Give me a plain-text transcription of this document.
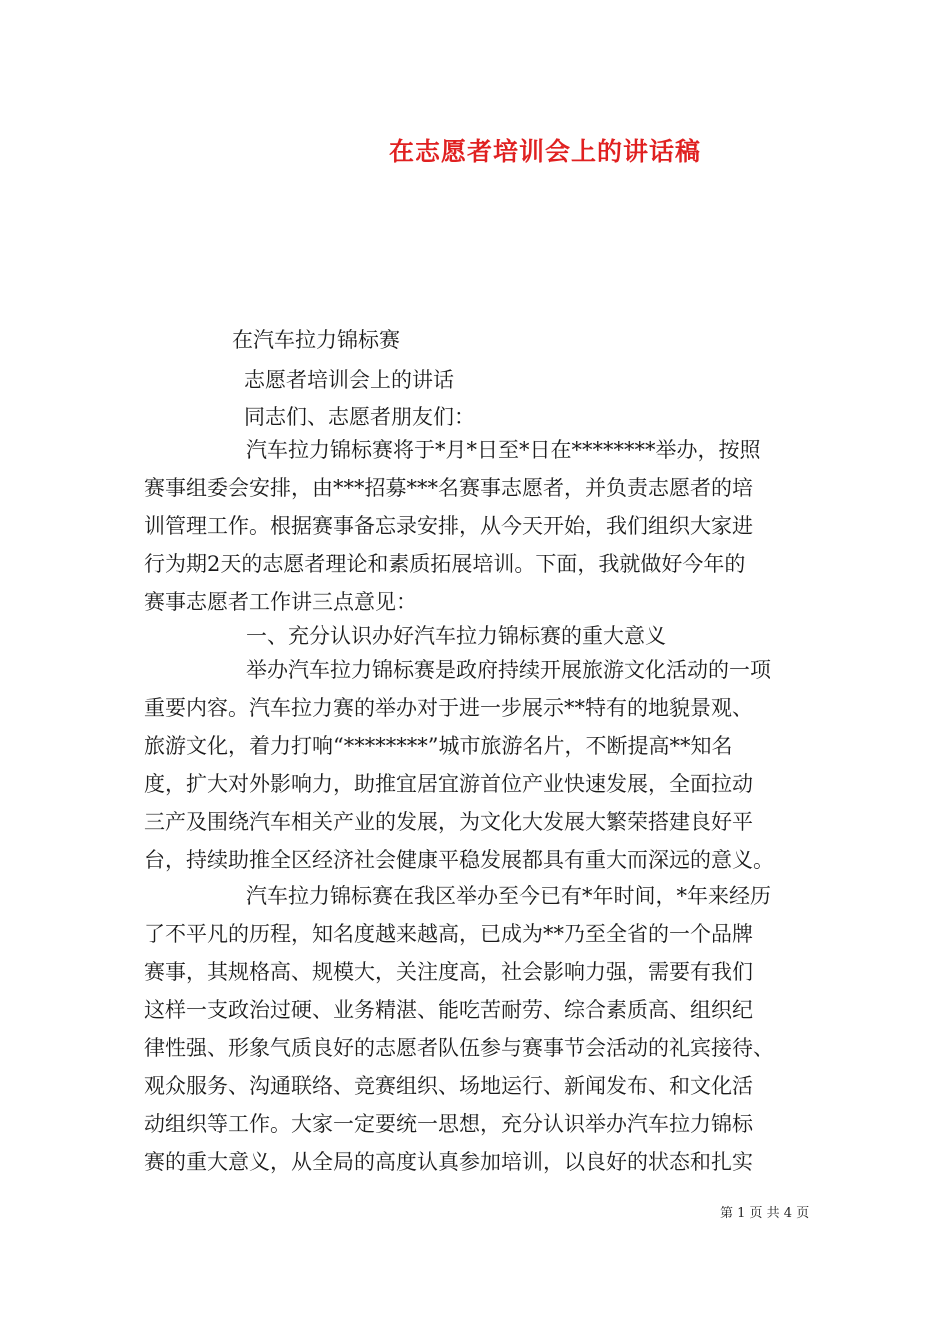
在志愿者培训会上的讲话稿
在汽车拉力锦标赛
志愿者培训会上的讲话
同志们、志愿者朋友们：
汽车拉力锦标赛将于*月*日至*日在********举办，按照
赛事组委会安排，由***招募***名赛事志愿者，并负责志愿者的培
训管理工作。根据赛事备忘录安排，从今天开始，我们组织大家进
行为期2天的志愿者理论和素质拓展培训。下面，我就做好今年的
赛事志愿者工作讲三点意见：
一、充分认识办好汽车拉力锦标赛的重大意义
举办汽车拉力锦标赛是政府持续开展旅游文化活动的一项
重要内容。汽车拉力赛的举办对于进一步展示**特有的地貌景观、
旅游文化，着力打响“********”城市旅游名片，不断提高**知名
度，扩大对外影响力，助推宜居宜游首位产业快速发展，全面拉动
三产及围绕汽车相关产业的发展，为文化大发展大繁荣搭建良好平
台，持续助推全区经济社会健康平稳发展都具有重大而深远的意义。
汽车拉力锦标赛在我区举办至今已有*年时间，*年来经历
了不平凡的历程，知名度越来越高，已成为**乃至全省的一个品牌
赛事，其规格高、规模大，关注度高，社会影响力强，需要有我们
这样一支政治过硬、业务精湛、能吃苦耐劳、综合素质高、组织纪
律性强、形象气质良好的志愿者队伍参与赛事节会活动的礼宾接待、
观众服务、沟通联络、竞赛组织、场地运行、新闻发布、和文化活
动组织等工作。大家一定要统一思想，充分认识举办汽车拉力锦标
赛的重大意义，从全局的高度认真参加培训，以良好的状态和扎实
第 1 页 共 4 页
